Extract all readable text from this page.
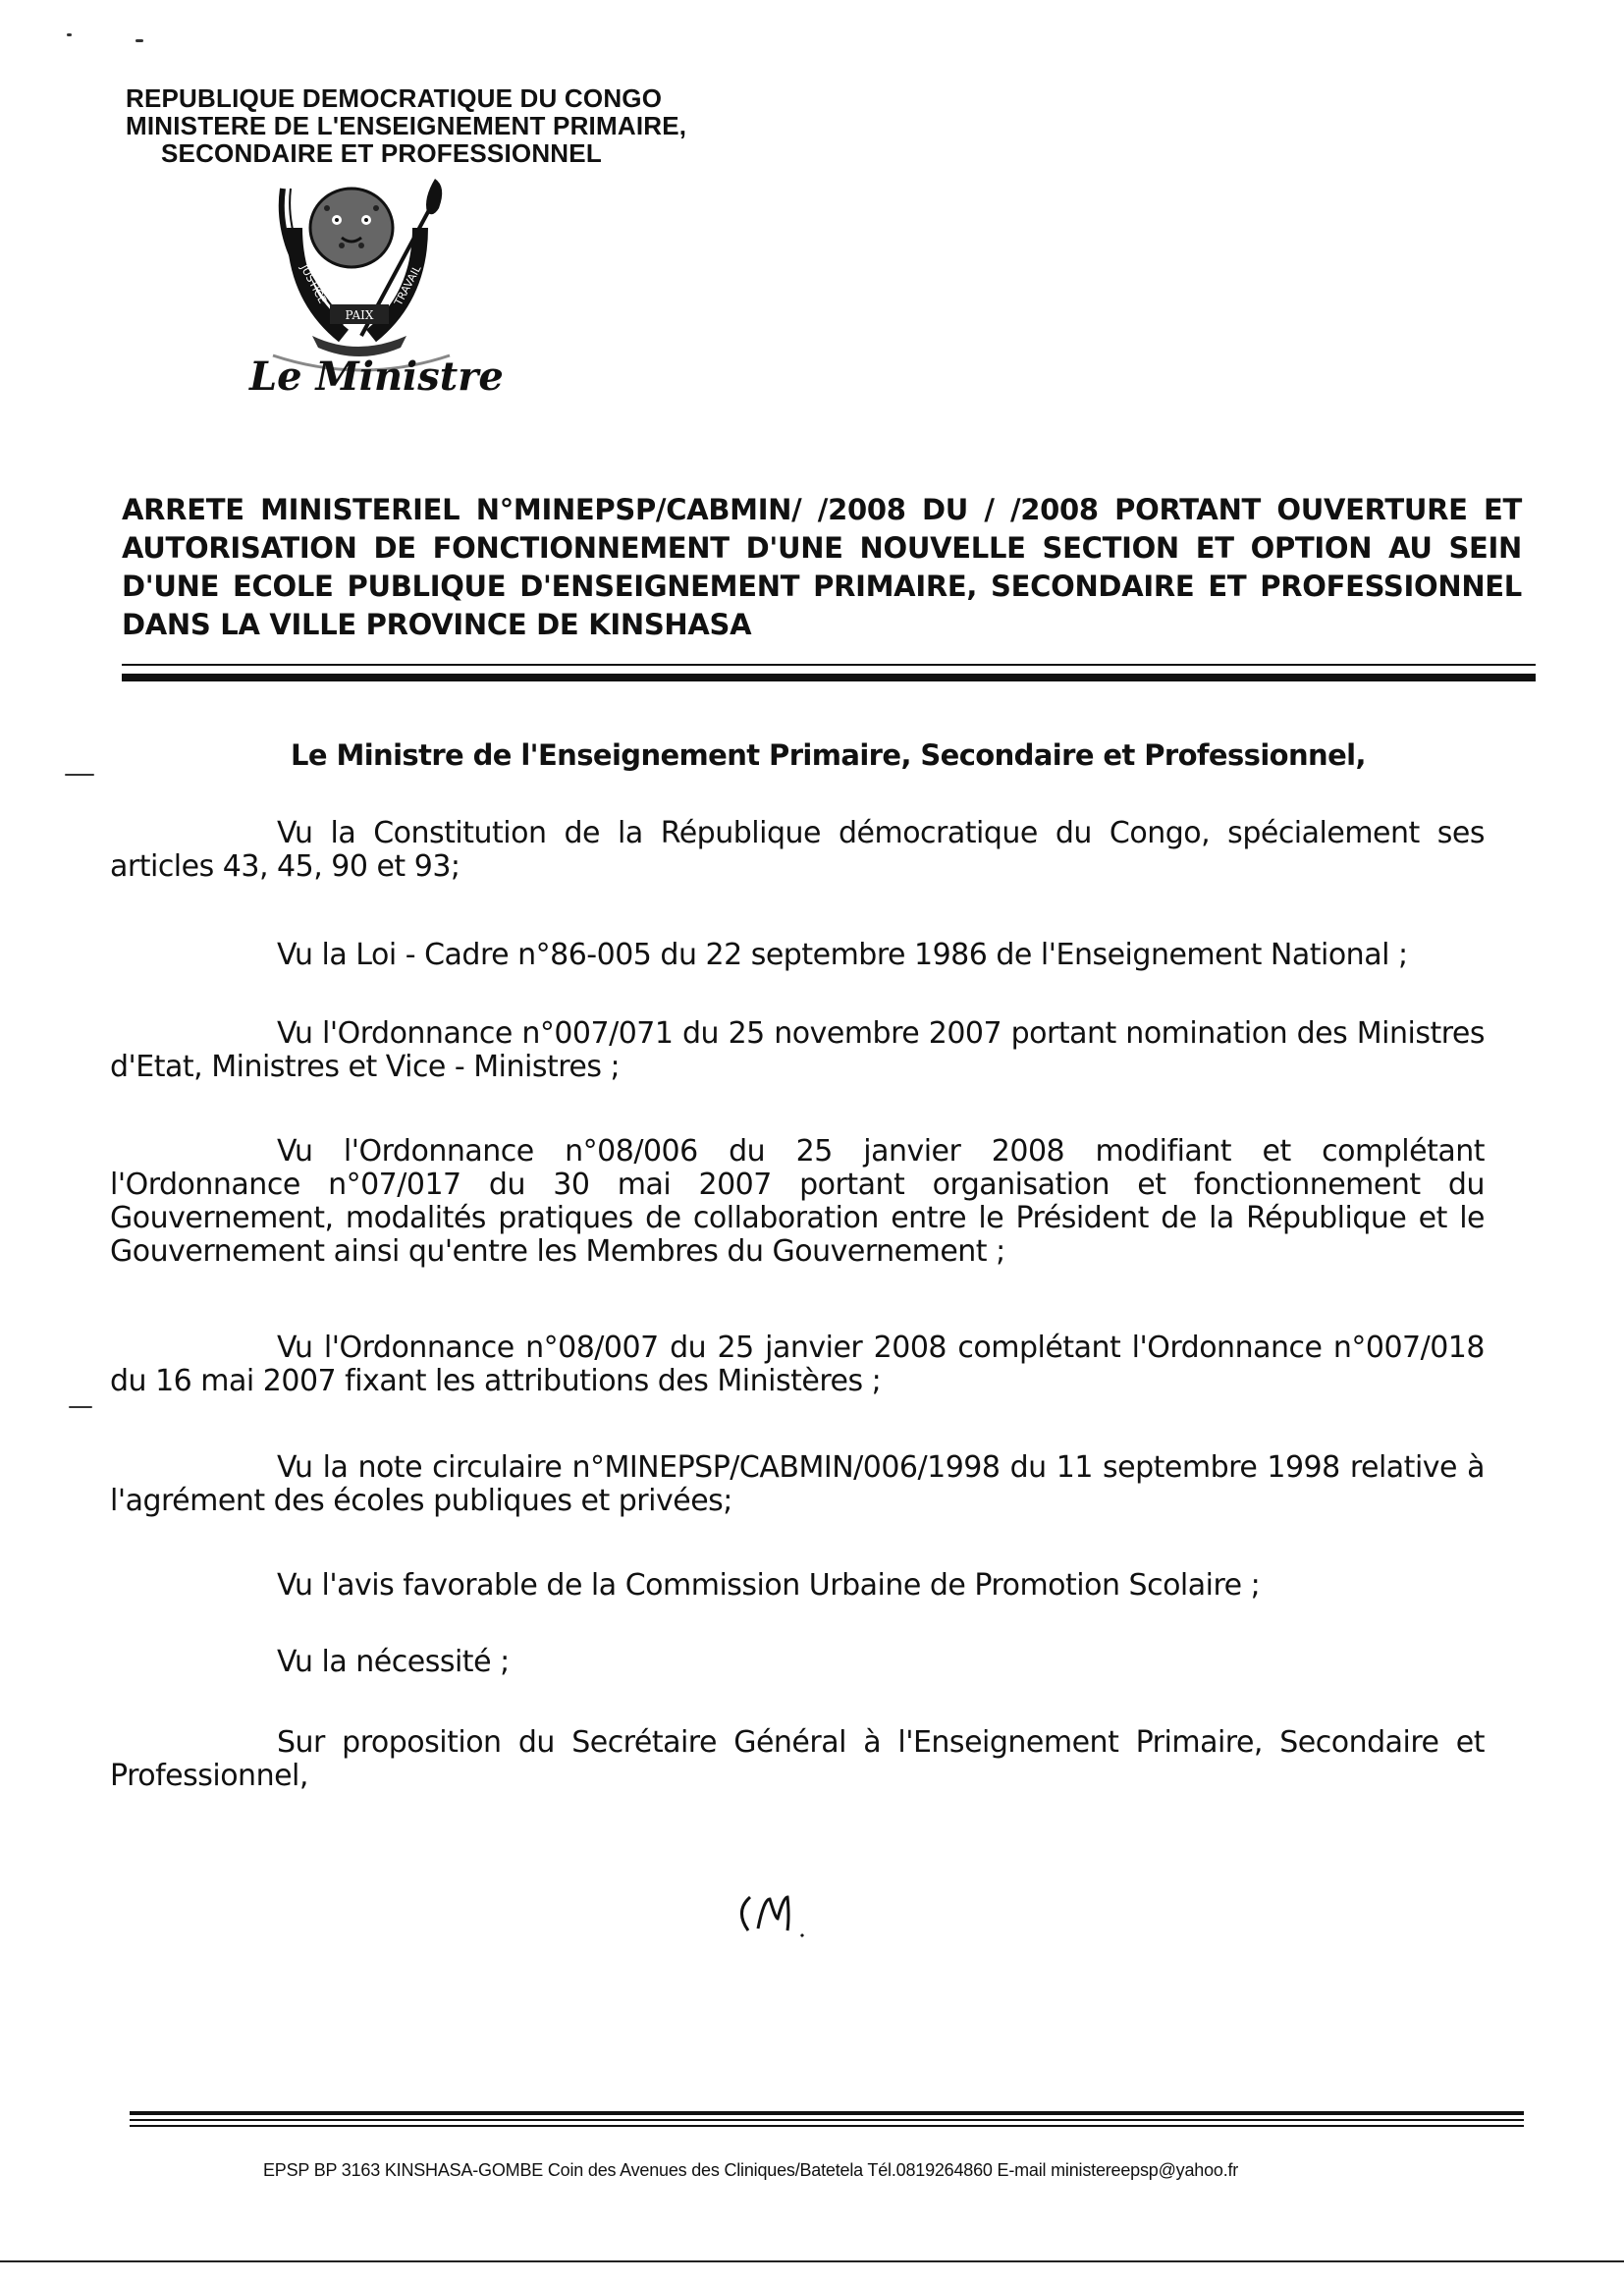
REPUBLIQUE DEMOCRATIQUE DU CONGO
MINISTERE DE L'ENSEIGNEMENT PRIMAIRE,
SECONDAIRE ET PROFESSIONNEL
JUSTICE	TRAVAIL
PAIX
Le Ministre
ARRETE MINISTERIEL N°MINEPSP/CABMIN/ /2008 DU / /2008 PORTANT OUVERTURE ET AUTORISATION DE FONCTIONNEMENT D'UNE NOUVELLE SECTION ET OPTION AU SEIN D'UNE ECOLE PUBLIQUE D'ENSEIGNEMENT PRIMAIRE, SECONDAIRE ET PROFESSIONNEL DANS LA VILLE PROVINCE DE KINSHASA
Le Ministre de l'Enseignement Primaire, Secondaire et Professionnel,
Vu la Constitution de la République démocratique du Congo, spécialement ses articles 43, 45, 90 et 93;
Vu la Loi - Cadre n°86-005 du 22 septembre 1986 de l'Enseignement National ;
Vu l'Ordonnance n°007/071 du 25 novembre 2007 portant nomination des Ministres d'Etat, Ministres et Vice - Ministres ;
Vu l'Ordonnance n°08/006 du 25 janvier 2008 modifiant et complétant l'Ordonnance n°07/017 du 30 mai 2007 portant organisation et fonctionnement du Gouvernement, modalités pratiques de collaboration entre le Président de la République et le Gouvernement ainsi qu'entre les Membres du Gouvernement ;
Vu l'Ordonnance n°08/007 du 25 janvier 2008 complétant l'Ordonnance n°007/018 du 16 mai 2007 fixant les attributions des Ministères ;
Vu la note circulaire n°MINEPSP/CABMIN/006/1998 du 11 septembre 1998 relative à l'agrément des écoles publiques et privées;
Vu l'avis favorable de la Commission Urbaine de Promotion Scolaire ;
Vu la nécessité ;
Sur proposition du Secrétaire Général à l'Enseignement Primaire, Secondaire et Professionnel,
EPSP BP 3163 KINSHASA-GOMBE Coin des Avenues des Cliniques/Batetela Tél.0819264860 E-mail ministereepsp@yahoo.fr
